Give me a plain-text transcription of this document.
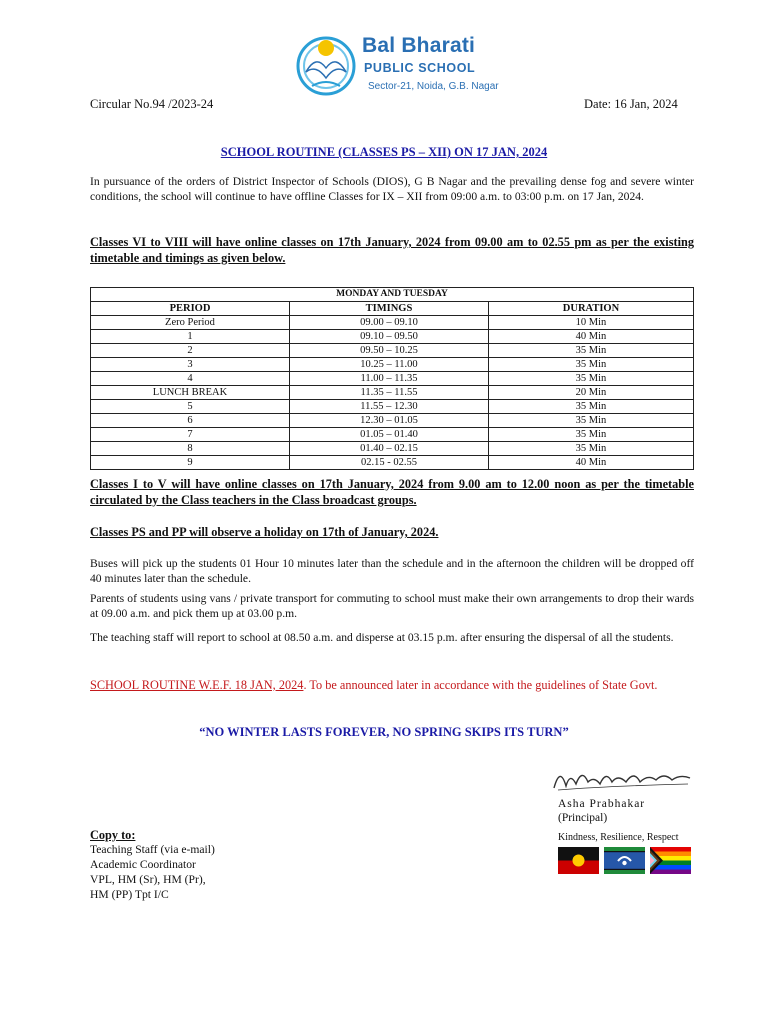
Bal Bharati
PUBLIC SCHOOL
Sector-21, Noida, G.B. Nagar
Circular No.94 /2023-24	Date: 16 Jan, 2024
SCHOOL ROUTINE (CLASSES PS – XII) ON 17 JAN, 2024
In pursuance of the orders of District Inspector of Schools (DIOS), G B Nagar and the prevailing dense fog and severe winter conditions, the school will continue to have offline Classes for IX – XII from 09:00 a.m. to 03:00 p.m. on 17 Jan, 2024.
Classes VI to VIII will have online classes on 17th January, 2024 from 09.00 am to 02.55 pm as per the existing timetable and timings as given below.
MONDAY AND TUESDAY		
PERIOD	TIMINGS	DURATION
Zero Period	09.00 – 09.10	10 Min
1	09.10 – 09.50	40 Min
2	09.50 – 10.25	35 Min
3	10.25 – 11.00	35 Min
4	11.00 – 11.35	35 Min
LUNCH BREAK	11.35 – 11.55	20 Min
5	11.55 – 12.30	35 Min
6	12.30 – 01.05	35 Min
7	01.05 – 01.40	35 Min
8	01.40 – 02.15	35 Min
9	02.15 - 02.55	40 Min
Classes I to V will have online classes on 17th January, 2024 from 9.00 am to 12.00 noon as per the timetable circulated by the Class teachers in the Class broadcast groups.
Classes PS and PP will observe a holiday on 17th of January, 2024.
Buses will pick up the students 01 Hour 10 minutes later than the schedule and in the afternoon the children will be dropped off 40 minutes later than the schedule.
Parents of students using vans / private transport for commuting to school must make their own arrangements to drop their wards at 09.00 a.m. and pick them up at 03.00 p.m.
The teaching staff will report to school at 08.50 a.m. and disperse at 03.15 p.m. after ensuring the dispersal of all the students.
SCHOOL ROUTINE W.E.F. 18 JAN, 2024. To be announced later in accordance with the guidelines of State Govt.
“NO WINTER LASTS FOREVER, NO SPRING SKIPS ITS TURN”
Asha Prabhakar
(Principal)
Kindness, Resilience, Respect
Copy to:
Teaching Staff (via e-mail)
Academic Coordinator
VPL, HM (Sr), HM (Pr),
HM (PP) Tpt I/C
